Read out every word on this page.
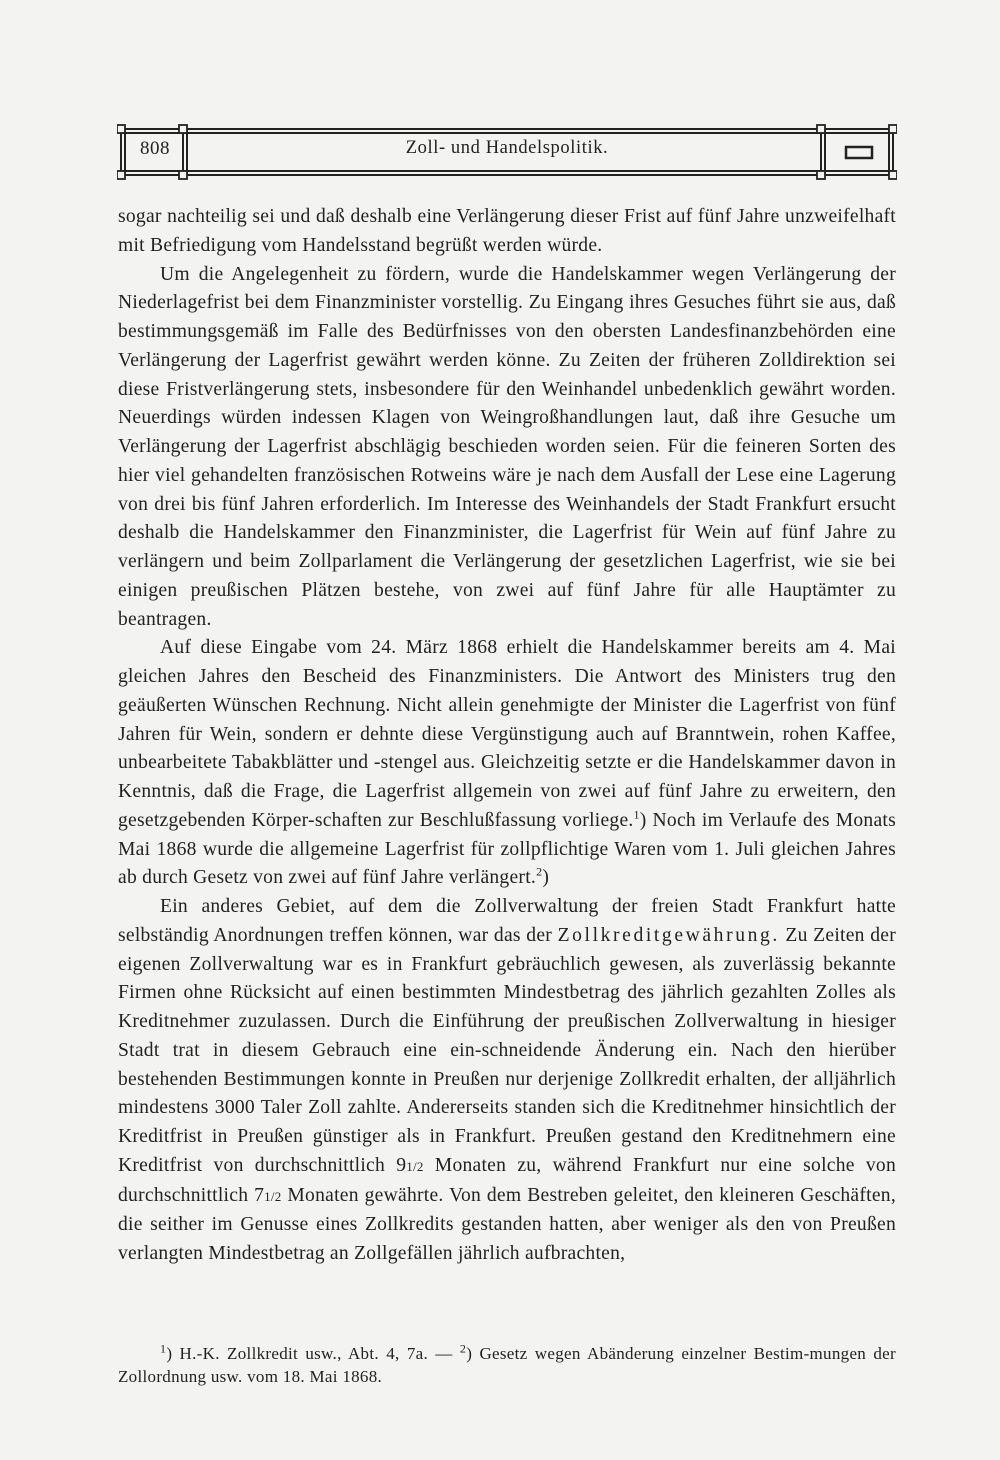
808	Zoll- und Handelspolitik.

sogar nachteilig sei und daß deshalb eine Verlängerung dieser Frist auf fünf Jahre unzweifelhaft mit Befriedigung vom Handelsstand begrüßt werden würde.

Um die Angelegenheit zu fördern, wurde die Handelskammer wegen Verlängerung der Niederlagefrist bei dem Finanzminister vorstellig. Zu Eingang ihres Gesuches führt sie aus, daß bestimmungsgemäß im Falle des Bedürfnisses von den obersten Landesfinanzbehörden eine Verlängerung der Lagerfrist gewährt werden könne. Zu Zeiten der früheren Zolldirektion sei diese Fristverlängerung stets, insbesondere für den Weinhandel unbedenklich gewährt worden. Neuerdings würden indessen Klagen von Weingroßhandlungen laut, daß ihre Gesuche um Verlängerung der Lagerfrist abschlägig beschieden worden seien. Für die feineren Sorten des hier viel gehandelten französischen Rotweins wäre je nach dem Ausfall der Lese eine Lagerung von drei bis fünf Jahren erforderlich. Im Interesse des Weinhandels der Stadt Frankfurt ersucht deshalb die Handelskammer den Finanzminister, die Lagerfrist für Wein auf fünf Jahre zu verlängern und beim Zollparlament die Verlängerung der gesetzlichen Lagerfrist, wie sie bei einigen preußischen Plätzen bestehe, von zwei auf fünf Jahre für alle Hauptämter zu beantragen.

Auf diese Eingabe vom 24. März 1868 erhielt die Handelskammer bereits am 4. Mai gleichen Jahres den Bescheid des Finanzministers. Die Antwort des Ministers trug den geäußerten Wünschen Rechnung. Nicht allein genehmigte der Minister die Lagerfrist von fünf Jahren für Wein, sondern er dehnte diese Vergünstigung auch auf Branntwein, rohen Kaffee, unbearbeitete Tabakblätter und -stengel aus. Gleichzeitig setzte er die Handelskammer davon in Kenntnis, daß die Frage, die Lagerfrist allgemein von zwei auf fünf Jahre zu erweitern, den gesetzgebenden Körper-schaften zur Beschlußfassung vorliege.$^1$) Noch im Verlaufe des Monats Mai 1868 wurde die allgemeine Lagerfrist für zollpflichtige Waren vom 1. Juli gleichen Jahres ab durch Gesetz von zwei auf fünf Jahre verlängert.$^2$)

Ein anderes Gebiet, auf dem die Zollverwaltung der freien Stadt Frankfurt hatte selbständig Anordnungen treffen können, war das der Zollkreditgewährung. Zu Zeiten der eigenen Zollverwaltung war es in Frankfurt gebräuchlich gewesen, als zuverlässig bekannte Firmen ohne Rücksicht auf einen bestimmten Mindestbetrag des jährlich gezahlten Zolles als Kreditnehmer zuzulassen. Durch die Einführung der preußischen Zollverwaltung in hiesiger Stadt trat in diesem Gebrauch eine ein-schneidende Änderung ein. Nach den hierüber bestehenden Bestimmungen konnte in Preußen nur derjenige Zollkredit erhalten, der alljährlich mindestens 3000 Taler Zoll zahlte. Andererseits standen sich die Kreditnehmer hinsichtlich der Kreditfrist in Preußen günstiger als in Frankfurt. Preußen gestand den Kreditnehmern eine Kreditfrist von durchschnittlich 91/2 Monaten zu, während Frankfurt nur eine solche von durchschnittlich 71/2 Monaten gewährte. Von dem Bestreben geleitet, den kleineren Geschäften, die seither im Genusse eines Zollkredits gestanden hatten, aber weniger als den von Preußen verlangten Mindestbetrag an Zollgefällen jährlich aufbrachten,

$^1$) H.-K. Zollkredit usw., Abt. 4, 7a. — $^2$) Gesetz wegen Abänderung einzelner Bestim-mungen der Zollordnung usw. vom 18. Mai 1868.
